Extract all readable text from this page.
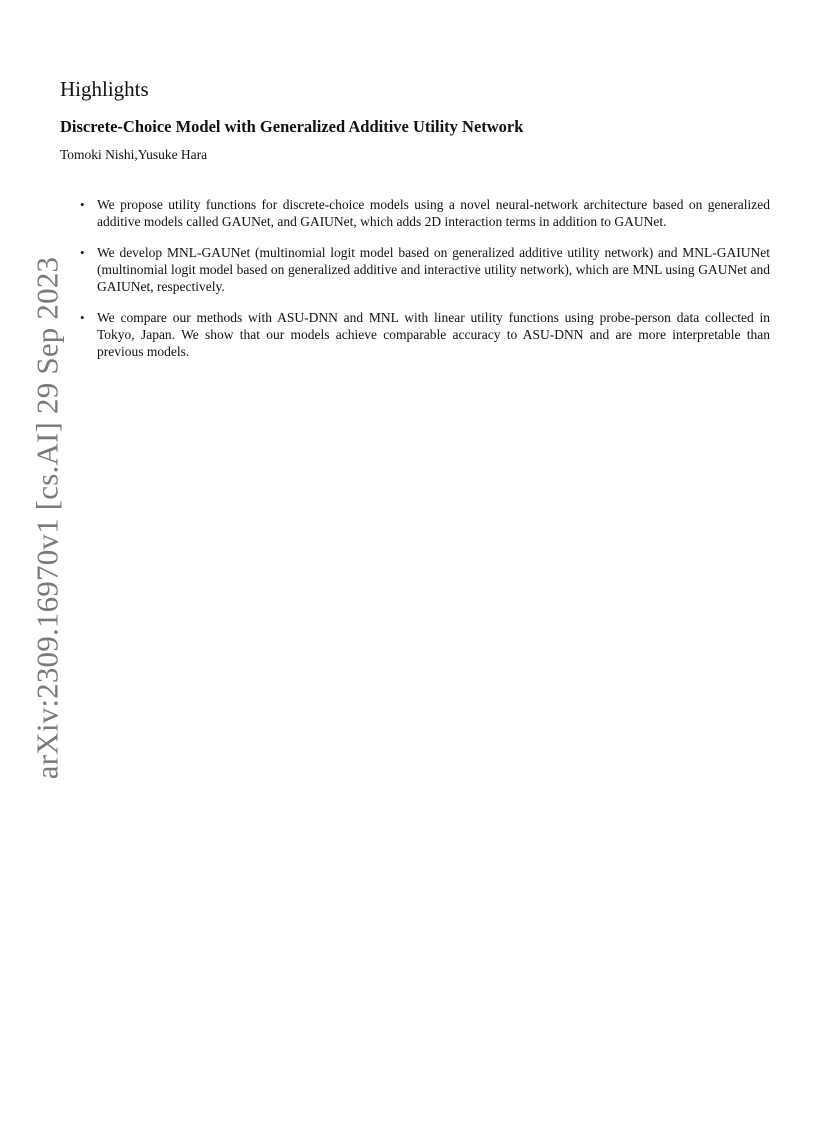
Highlights
Discrete-Choice Model with Generalized Additive Utility Network

Tomoki Nishi,Yusuke Hara

• We propose utility functions for discrete-choice models using a novel neural-network architecture based on generalized additive models called GAUNet, and GAIUNet, which adds 2D interaction terms in addition to GAUNet.
• We develop MNL-GAUNet (multinomial logit model based on generalized additive utility network) and MNL-GAIUNet (multinomial logit model based on generalized additive and interactive utility network), which are MNL using GAUNet and GAIUNet, respectively.
• We compare our methods with ASU-DNN and MNL with linear utility functions using probe-person data collected in Tokyo, Japan. We show that our models achieve comparable accuracy to ASU-DNN and are more interpretable than previous models.
arXiv:2309.16970v1 [cs.AI] 29 Sep 2023
